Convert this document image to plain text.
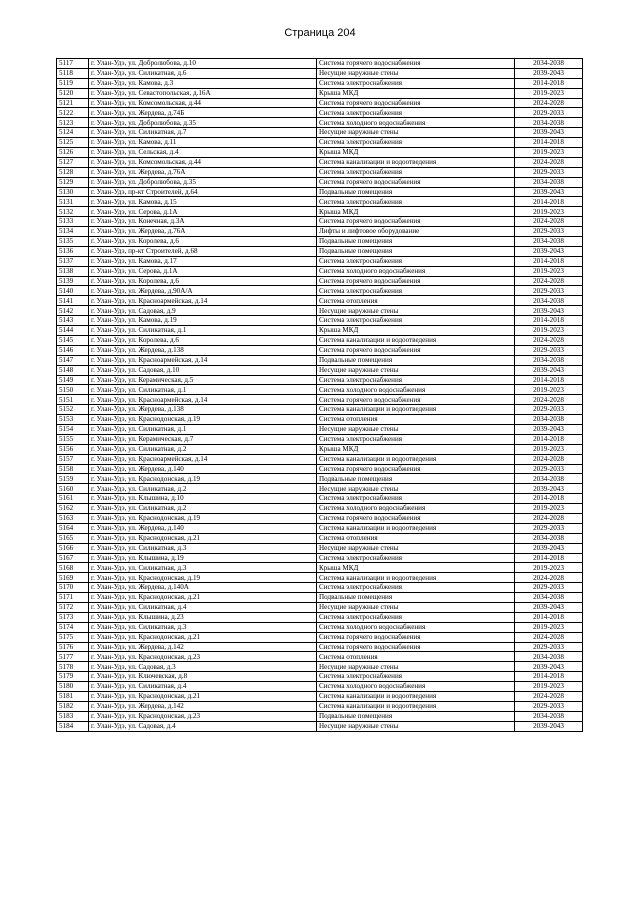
Страница 204
5117	г. Улан-Удэ, ул. Добролюбова, д.10	Система горячего водоснабжения	2034-2038
5118	г. Улан-Удэ, ул. Силикатная, д.6	Несущие наружные стены	2039-2043
5119	г. Улан-Удэ, ул. Камова, д.3	Система электроснабжения	2014-2018
5120	г. Улан-Удэ, ул. Севастопольская, д.16А	Крыша МКД	2019-2023
5121	г. Улан-Удэ, ул. Комсомольская, д.44	Система горячего водоснабжения	2024-2028
5122	г. Улан-Удэ, ул. Жердева, д.74Б	Система электроснабжения	2029-2033
5123	г. Улан-Удэ, ул. Добролюбова, д.35	Система холодного водоснабжения	2034-2038
5124	г. Улан-Удэ, ул. Силикатная, д.7	Несущие наружные стены	2039-2043
5125	г. Улан-Удэ, ул. Камова, д.11	Система электроснабжения	2014-2018
5126	г. Улан-Удэ, ул. Сельская, д.4	Крыша МКД	2019-2023
5127	г. Улан-Удэ, ул. Комсомольская, д.44	Система канализации и водоотведения	2024-2028
5128	г. Улан-Удэ, ул. Жердева, д.76А	Система электроснабжения	2029-2033
5129	г. Улан-Удэ, ул. Добролюбова, д.35	Система горячего водоснабжения	2034-2038
5130	г. Улан-Удэ, пр-кт Строителей, д.64	Подвальные помещения	2039-2043
5131	г. Улан-Удэ, ул. Камова, д.15	Система электроснабжения	2014-2018
5132	г. Улан-Удэ, ул. Серова, д.1А	Крыша МКД	2019-2023
5133	г. Улан-Удэ, ул. Конечная, д.3А	Система горячего водоснабжения	2024-2028
5134	г. Улан-Удэ, ул. Жердева, д.76А	Лифты и лифтовое оборудование	2029-2033
5135	г. Улан-Удэ, ул. Королева, д.6	Подвальные помещения	2034-2038
5136	г. Улан-Удэ, пр-кт Строителей, д.68	Подвальные помещения	2039-2043
5137	г. Улан-Удэ, ул. Камова, д.17	Система электроснабжения	2014-2018
5138	г. Улан-Удэ, ул. Серова, д.1А	Система холодного водоснабжения	2019-2023
5139	г. Улан-Удэ, ул. Королева, д.6	Система горячего водоснабжения	2024-2028
5140	г. Улан-Удэ, ул. Жердева, д.90А/А	Система электроснабжения	2029-2033
5141	г. Улан-Удэ, ул. Красноармейская, д.14	Система отопления	2034-2038
5142	г. Улан-Удэ, ул. Садовая, д.9	Несущие наружные стены	2039-2043
5143	г. Улан-Удэ, ул. Камова, д.19	Система электроснабжения	2014-2018
5144	г. Улан-Удэ, ул. Силикатная, д.1	Крыша МКД	2019-2023
5145	г. Улан-Удэ, ул. Королева, д.6	Система канализации и водоотведения	2024-2028
5146	г. Улан-Удэ, ул. Жердева, д.138	Система горячего водоснабжения	2029-2033
5147	г. Улан-Удэ, ул. Красноармейская, д.14	Подвальные помещения	2034-2038
5148	г. Улан-Удэ, ул. Садовая, д.10	Несущие наружные стены	2039-2043
5149	г. Улан-Удэ, ул. Керамическая, д.5	Система электроснабжения	2014-2018
5150	г. Улан-Удэ, ул. Силикатная, д.1	Система холодного водоснабжения	2019-2023
5151	г. Улан-Удэ, ул. Красноармейская, д.14	Система горячего водоснабжения	2024-2028
5152	г. Улан-Удэ, ул. Жердева, д.138	Система канализации и водоотведения	2029-2033
5153	г. Улан-Удэ, ул. Краснодонская, д.19	Система отопления	2034-2038
5154	г. Улан-Удэ, ул. Силикатная, д.1	Несущие наружные стены	2039-2043
5155	г. Улан-Удэ, ул. Керамическая, д.7	Система электроснабжения	2014-2018
5156	г. Улан-Удэ, ул. Силикатная, д.2	Крыша МКД	2019-2023
5157	г. Улан-Удэ, ул. Красноармейская, д.14	Система канализации и водоотведения	2024-2028
5158	г. Улан-Удэ, ул. Жердева, д.140	Система горячего водоснабжения	2029-2033
5159	г. Улан-Удэ, ул. Краснодонская, д.19	Подвальные помещения	2034-2038
5160	г. Улан-Удэ, ул. Силикатная, д.2	Несущие наружные стены	2039-2043
5161	г. Улан-Удэ, ул. Клышина, д.10	Система электроснабжения	2014-2018
5162	г. Улан-Удэ, ул. Силикатная, д.2	Система холодного водоснабжения	2019-2023
5163	г. Улан-Удэ, ул. Краснодонская, д.19	Система горячего водоснабжения	2024-2028
5164	г. Улан-Удэ, ул. Жердева, д.140	Система канализации и водоотведения	2029-2033
5165	г. Улан-Удэ, ул. Краснодонская, д.21	Система отопления	2034-2038
5166	г. Улан-Удэ, ул. Силикатная, д.3	Несущие наружные стены	2039-2043
5167	г. Улан-Удэ, ул. Клышина, д.19	Система электроснабжения	2014-2018
5168	г. Улан-Удэ, ул. Силикатная, д.3	Крыша МКД	2019-2023
5169	г. Улан-Удэ, ул. Краснодонская, д.19	Система канализации и водоотведения	2024-2028
5170	г. Улан-Удэ, ул. Жердева, д.140А	Система электроснабжения	2029-2033
5171	г. Улан-Удэ, ул. Краснодонская, д.21	Подвальные помещения	2034-2038
5172	г. Улан-Удэ, ул. Силикатная, д.4	Несущие наружные стены	2039-2043
5173	г. Улан-Удэ, ул. Клышина, д.23	Система электроснабжения	2014-2018
5174	г. Улан-Удэ, ул. Силикатная, д.3	Система холодного водоснабжения	2019-2023
5175	г. Улан-Удэ, ул. Краснодонская, д.21	Система горячего водоснабжения	2024-2028
5176	г. Улан-Удэ, ул. Жердева, д.142	Система горячего водоснабжения	2029-2033
5177	г. Улан-Удэ, ул. Краснодонская, д.23	Система отопления	2034-2038
5178	г. Улан-Удэ, ул. Садовая, д.3	Несущие наружные стены	2039-2043
5179	г. Улан-Удэ, ул. Ключевская, д.8	Система электроснабжения	2014-2018
5180	г. Улан-Удэ, ул. Силикатная, д.4	Система холодного водоснабжения	2019-2023
5181	г. Улан-Удэ, ул. Краснодонская, д.21	Система канализации и водоотведения	2024-2028
5182	г. Улан-Удэ, ул. Жердева, д.142	Система канализации и водоотведения	2029-2033
5183	г. Улан-Удэ, ул. Краснодонская, д.23	Подвальные помещения	2034-2038
5184	г. Улан-Удэ, ул. Садовая, д.4	Несущие наружные стены	2039-2043
